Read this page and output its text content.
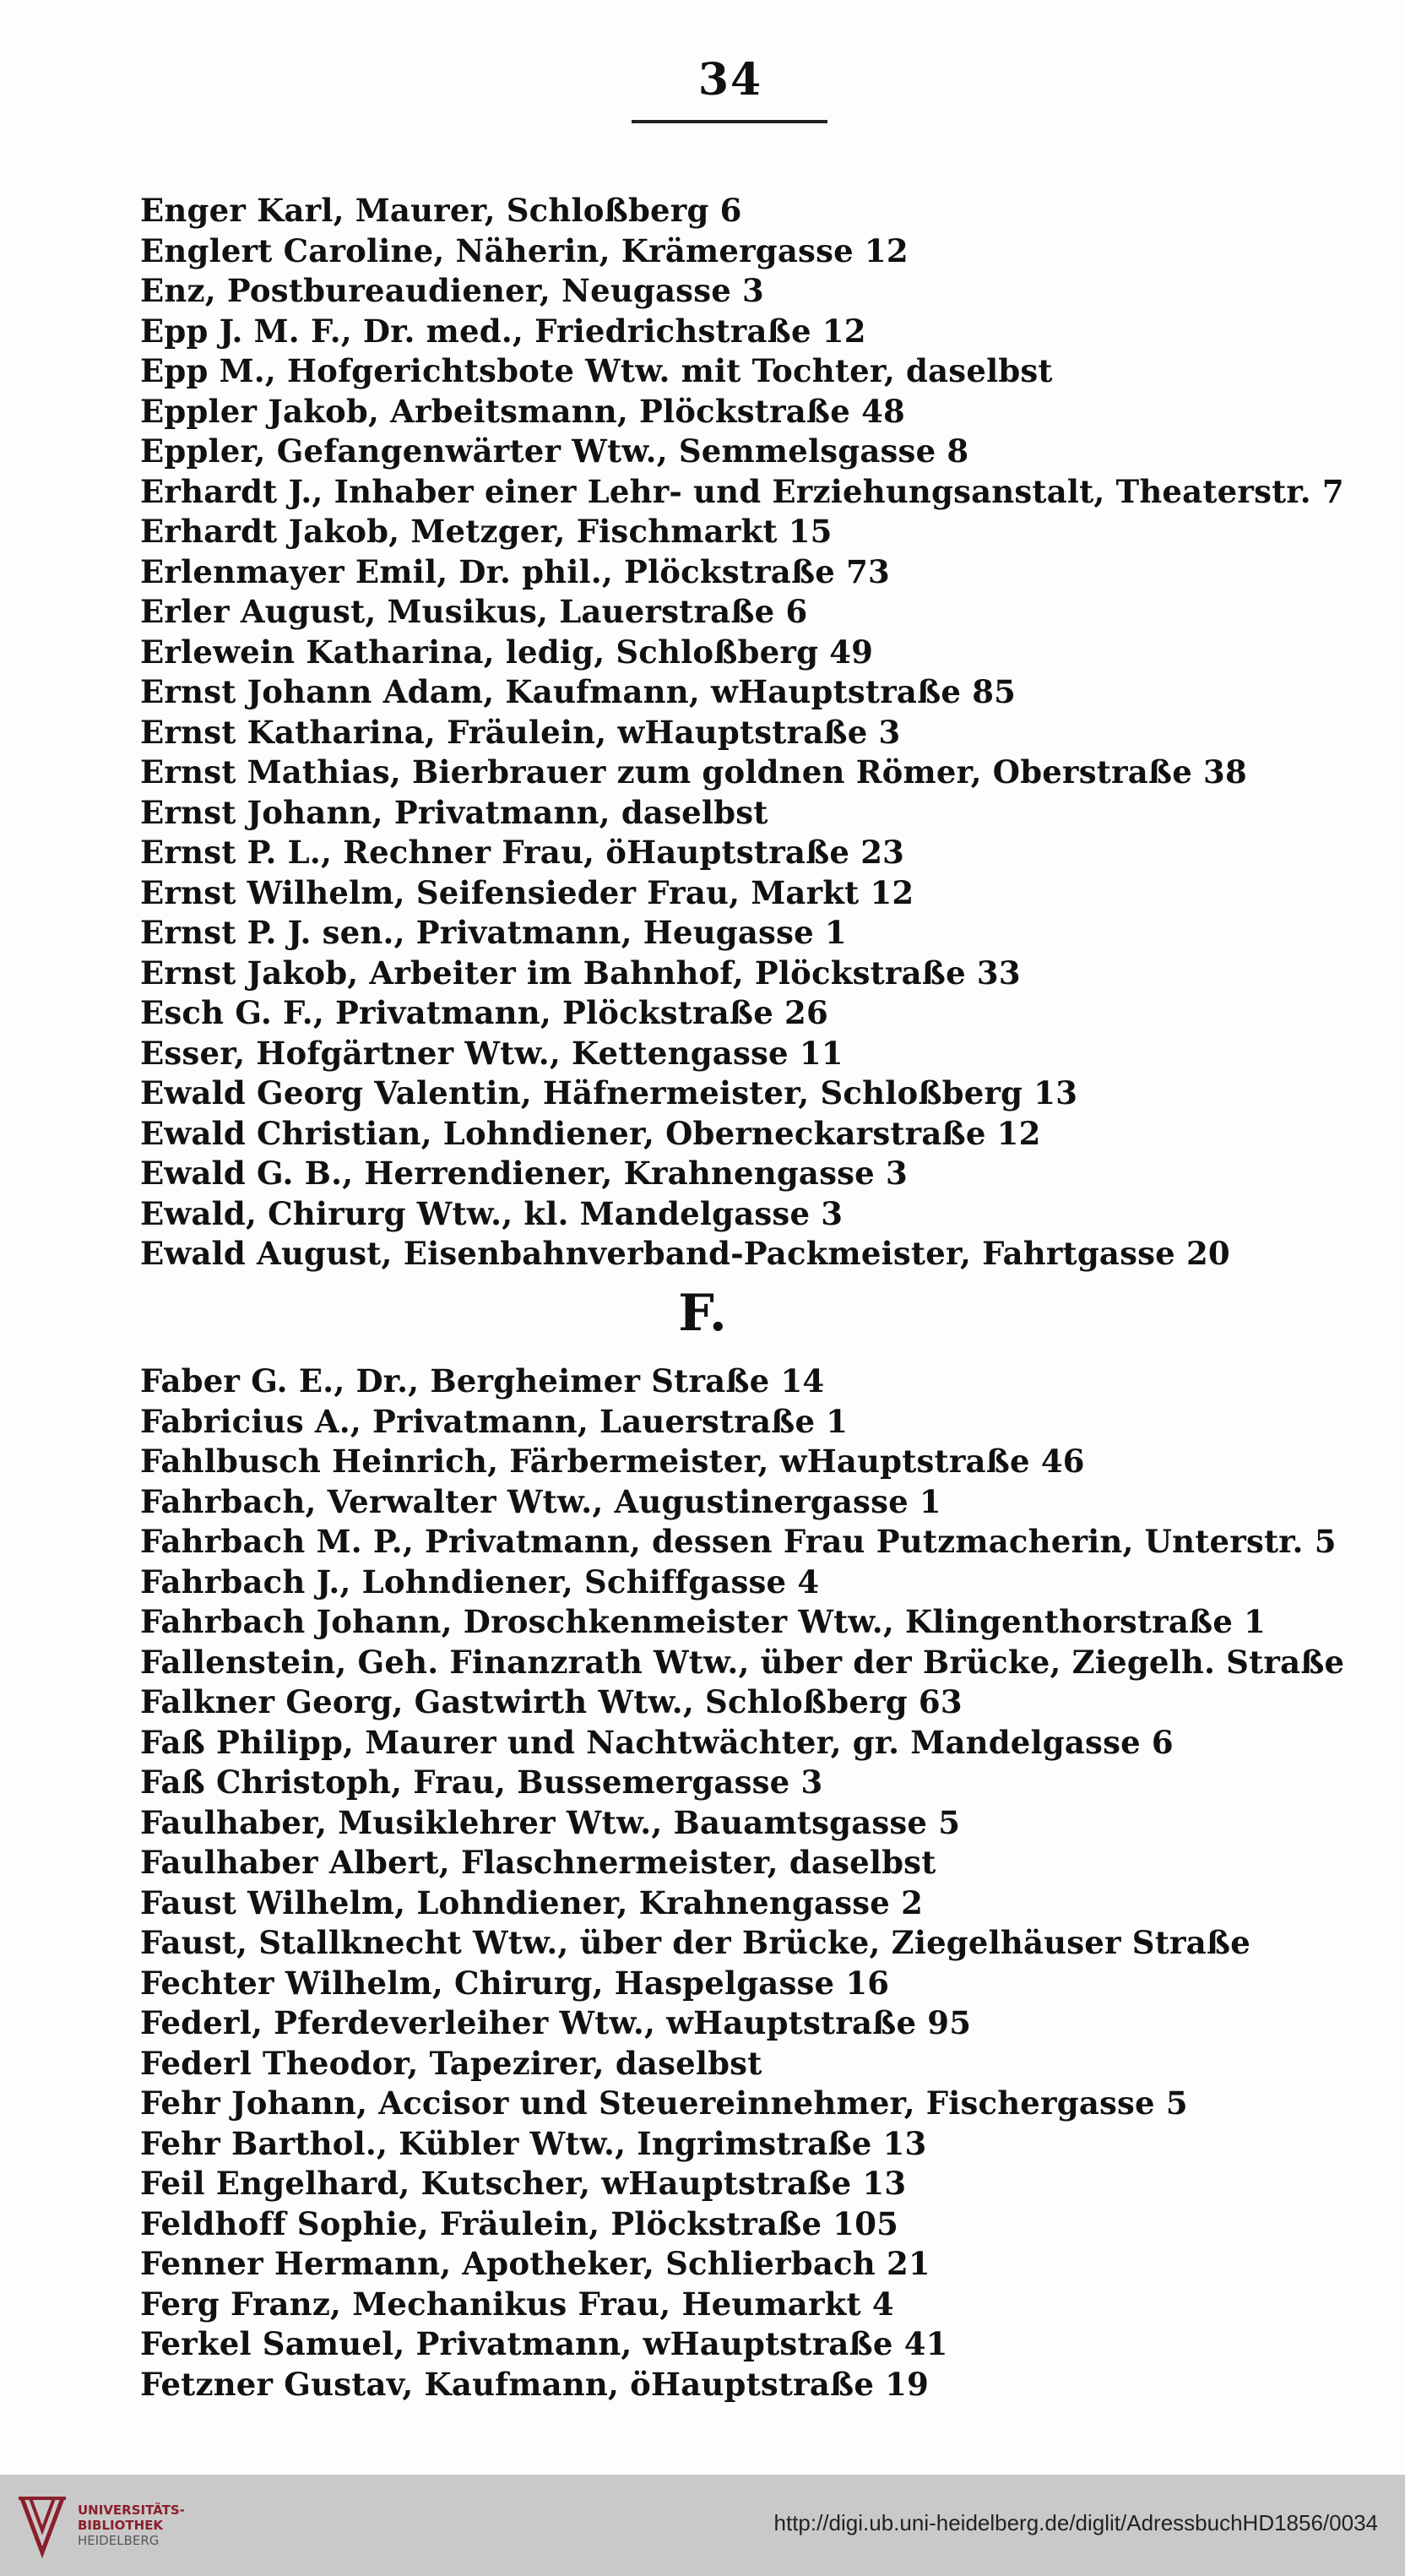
34
Enger Karl, Maurer, Schloßberg 6
Englert Caroline, Näherin, Krämergasse 12
Enz, Postbureaudiener, Neugasse 3
Epp J. M. F., Dr. med., Friedrichstraße 12
Epp M., Hofgerichtsbote Wtw. mit Tochter, daselbst
Eppler Jakob, Arbeitsmann, Plöckstraße 48
Eppler, Gefangenwärter Wtw., Semmelsgasse 8
Erhardt J., Inhaber einer Lehr- und Erziehungsanstalt, Theaterstr. 7
Erhardt Jakob, Metzger, Fischmarkt 15
Erlenmayer Emil, Dr. phil., Plöckstraße 73
Erler August, Musikus, Lauerstraße 6
Erlewein Katharina, ledig, Schloßberg 49
Ernst Johann Adam, Kaufmann, wHauptstraße 85
Ernst Katharina, Fräulein, wHauptstraße 3
Ernst Mathias, Bierbrauer zum goldnen Römer, Oberstraße 38
Ernst Johann, Privatmann, daselbst
Ernst P. L., Rechner Frau, öHauptstraße 23
Ernst Wilhelm, Seifensieder Frau, Markt 12
Ernst P. J. sen., Privatmann, Heugasse 1
Ernst Jakob, Arbeiter im Bahnhof, Plöckstraße 33
Esch G. F., Privatmann, Plöckstraße 26
Esser, Hofgärtner Wtw., Kettengasse 11
Ewald Georg Valentin, Häfnermeister, Schloßberg 13
Ewald Christian, Lohndiener, Oberneckarstraße 12
Ewald G. B., Herrendiener, Krahnengasse 3
Ewald, Chirurg Wtw., kl. Mandelgasse 3
Ewald August, Eisenbahnverband-Packmeister, Fahrtgasse 20
F.
Faber G. E., Dr., Bergheimer Straße 14
Fabricius A., Privatmann, Lauerstraße 1
Fahlbusch Heinrich, Färbermeister, wHauptstraße 46
Fahrbach, Verwalter Wtw., Augustinergasse 1
Fahrbach M. P., Privatmann, dessen Frau Putzmacherin, Unterstr. 5
Fahrbach J., Lohndiener, Schiffgasse 4
Fahrbach Johann, Droschkenmeister Wtw., Klingenthorstraße 1
Fallenstein, Geh. Finanzrath Wtw., über der Brücke, Ziegelh. Straße
Falkner Georg, Gastwirth Wtw., Schloßberg 63
Faß Philipp, Maurer und Nachtwächter, gr. Mandelgasse 6
Faß Christoph, Frau, Bussemergasse 3
Faulhaber, Musiklehrer Wtw., Bauamtsgasse 5
Faulhaber Albert, Flaschnermeister, daselbst
Faust Wilhelm, Lohndiener, Krahnengasse 2
Faust, Stallknecht Wtw., über der Brücke, Ziegelhäuser Straße
Fechter Wilhelm, Chirurg, Haspelgasse 16
Federl, Pferdeverleiher Wtw., wHauptstraße 95
Federl Theodor, Tapezirer, daselbst
Fehr Johann, Accisor und Steuereinnehmer, Fischergasse 5
Fehr Barthol., Kübler Wtw., Ingrimstraße 13
Feil Engelhard, Kutscher, wHauptstraße 13
Feldhoff Sophie, Fräulein, Plöckstraße 105
Fenner Hermann, Apotheker, Schlierbach 21
Ferg Franz, Mechanikus Frau, Heumarkt 4
Ferkel Samuel, Privatmann, wHauptstraße 41
Fetzner Gustav, Kaufmann, öHauptstraße 19
UNIVERSITÄTS-
BIBLIOTHEK
HEIDELBERG
http://digi.ub.uni-heidelberg.de/diglit/AdressbuchHD1856/0034
